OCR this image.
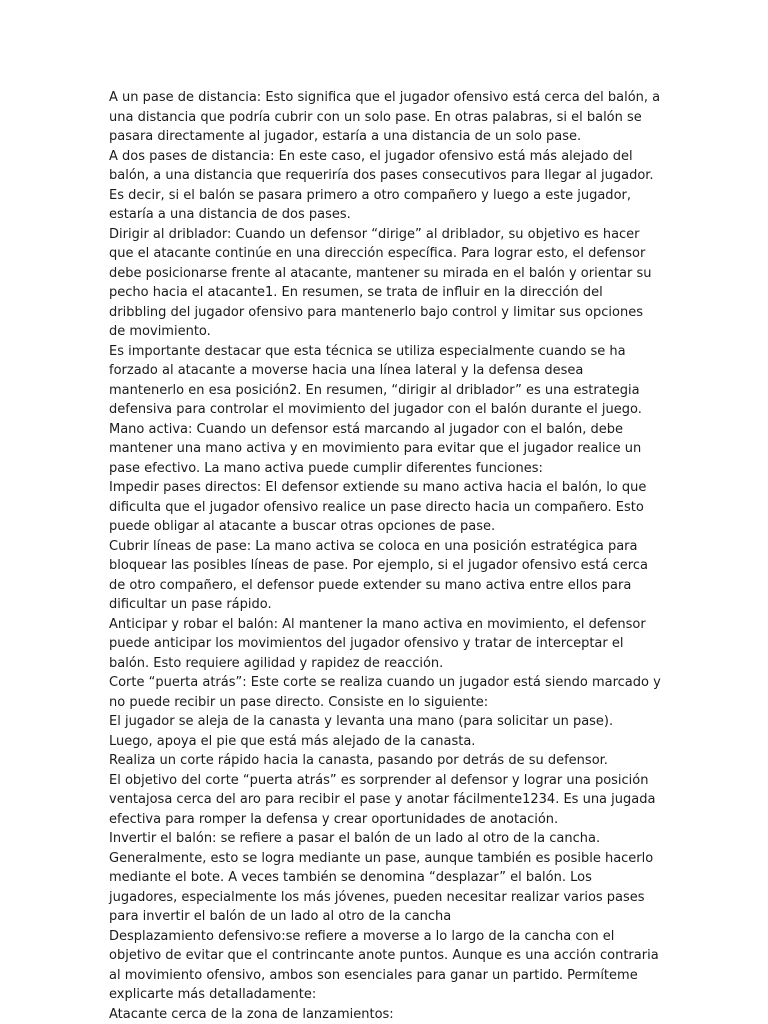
A un pase de distancia: Esto significa que el jugador ofensivo está cerca del balón, a una distancia que podría cubrir con un solo pase. En otras palabras, si el balón se pasara directamente al jugador, estaría a una distancia de un solo pase.

A dos pases de distancia: En este caso, el jugador ofensivo está más alejado del balón, a una distancia que requeriría dos pases consecutivos para llegar al jugador. Es decir, si el balón se pasara primero a otro compañero y luego a este jugador, estaría a una distancia de dos pases.

Dirigir al driblador: Cuando un defensor “dirige” al driblador, su objetivo es hacer que el atacante continúe en una dirección específica. Para lograr esto, el defensor debe posicionarse frente al atacante, mantener su mirada en el balón y orientar su pecho hacia el atacante1. En resumen, se trata de influir en la dirección del dribbling del jugador ofensivo para mantenerlo bajo control y limitar sus opciones de movimiento.

Es importante destacar que esta técnica se utiliza especialmente cuando se ha forzado al atacante a moverse hacia una línea lateral y la defensa desea mantenerlo en esa posición2. En resumen, “dirigir al driblador” es una estrategia defensiva para controlar el movimiento del jugador con el balón durante el juego.

Mano activa: Cuando un defensor está marcando al jugador con el balón, debe mantener una mano activa y en movimiento para evitar que el jugador realice un pase efectivo. La mano activa puede cumplir diferentes funciones:

Impedir pases directos: El defensor extiende su mano activa hacia el balón, lo que dificulta que el jugador ofensivo realice un pase directo hacia un compañero. Esto puede obligar al atacante a buscar otras opciones de pase.

Cubrir líneas de pase: La mano activa se coloca en una posición estratégica para bloquear las posibles líneas de pase. Por ejemplo, si el jugador ofensivo está cerca de otro compañero, el defensor puede extender su mano activa entre ellos para dificultar un pase rápido.

Anticipar y robar el balón: Al mantener la mano activa en movimiento, el defensor puede anticipar los movimientos del jugador ofensivo y tratar de interceptar el balón. Esto requiere agilidad y rapidez de reacción.

Corte “puerta atrás”: Este corte se realiza cuando un jugador está siendo marcado y no puede recibir un pase directo. Consiste en lo siguiente:

El jugador se aleja de la canasta y levanta una mano (para solicitar un pase).

Luego, apoya el pie que está más alejado de la canasta.

Realiza un corte rápido hacia la canasta, pasando por detrás de su defensor.

El objetivo del corte “puerta atrás” es sorprender al defensor y lograr una posición ventajosa cerca del aro para recibir el pase y anotar fácilmente1234. Es una jugada efectiva para romper la defensa y crear oportunidades de anotación.

Invertir el balón: se refiere a pasar el balón de un lado al otro de la cancha. Generalmente, esto se logra mediante un pase, aunque también es posible hacerlo mediante el bote. A veces también se denomina “desplazar” el balón. Los jugadores, especialmente los más jóvenes, pueden necesitar realizar varios pases para invertir el balón de un lado al otro de la cancha

Desplazamiento defensivo:se refiere a moverse a lo largo de la cancha con el objetivo de evitar que el contrincante anote puntos. Aunque es una acción contraria al movimiento ofensivo, ambos son esenciales para ganar un partido. Permíteme explicarte más detalladamente:

Atacante cerca de la zona de lanzamientos:
